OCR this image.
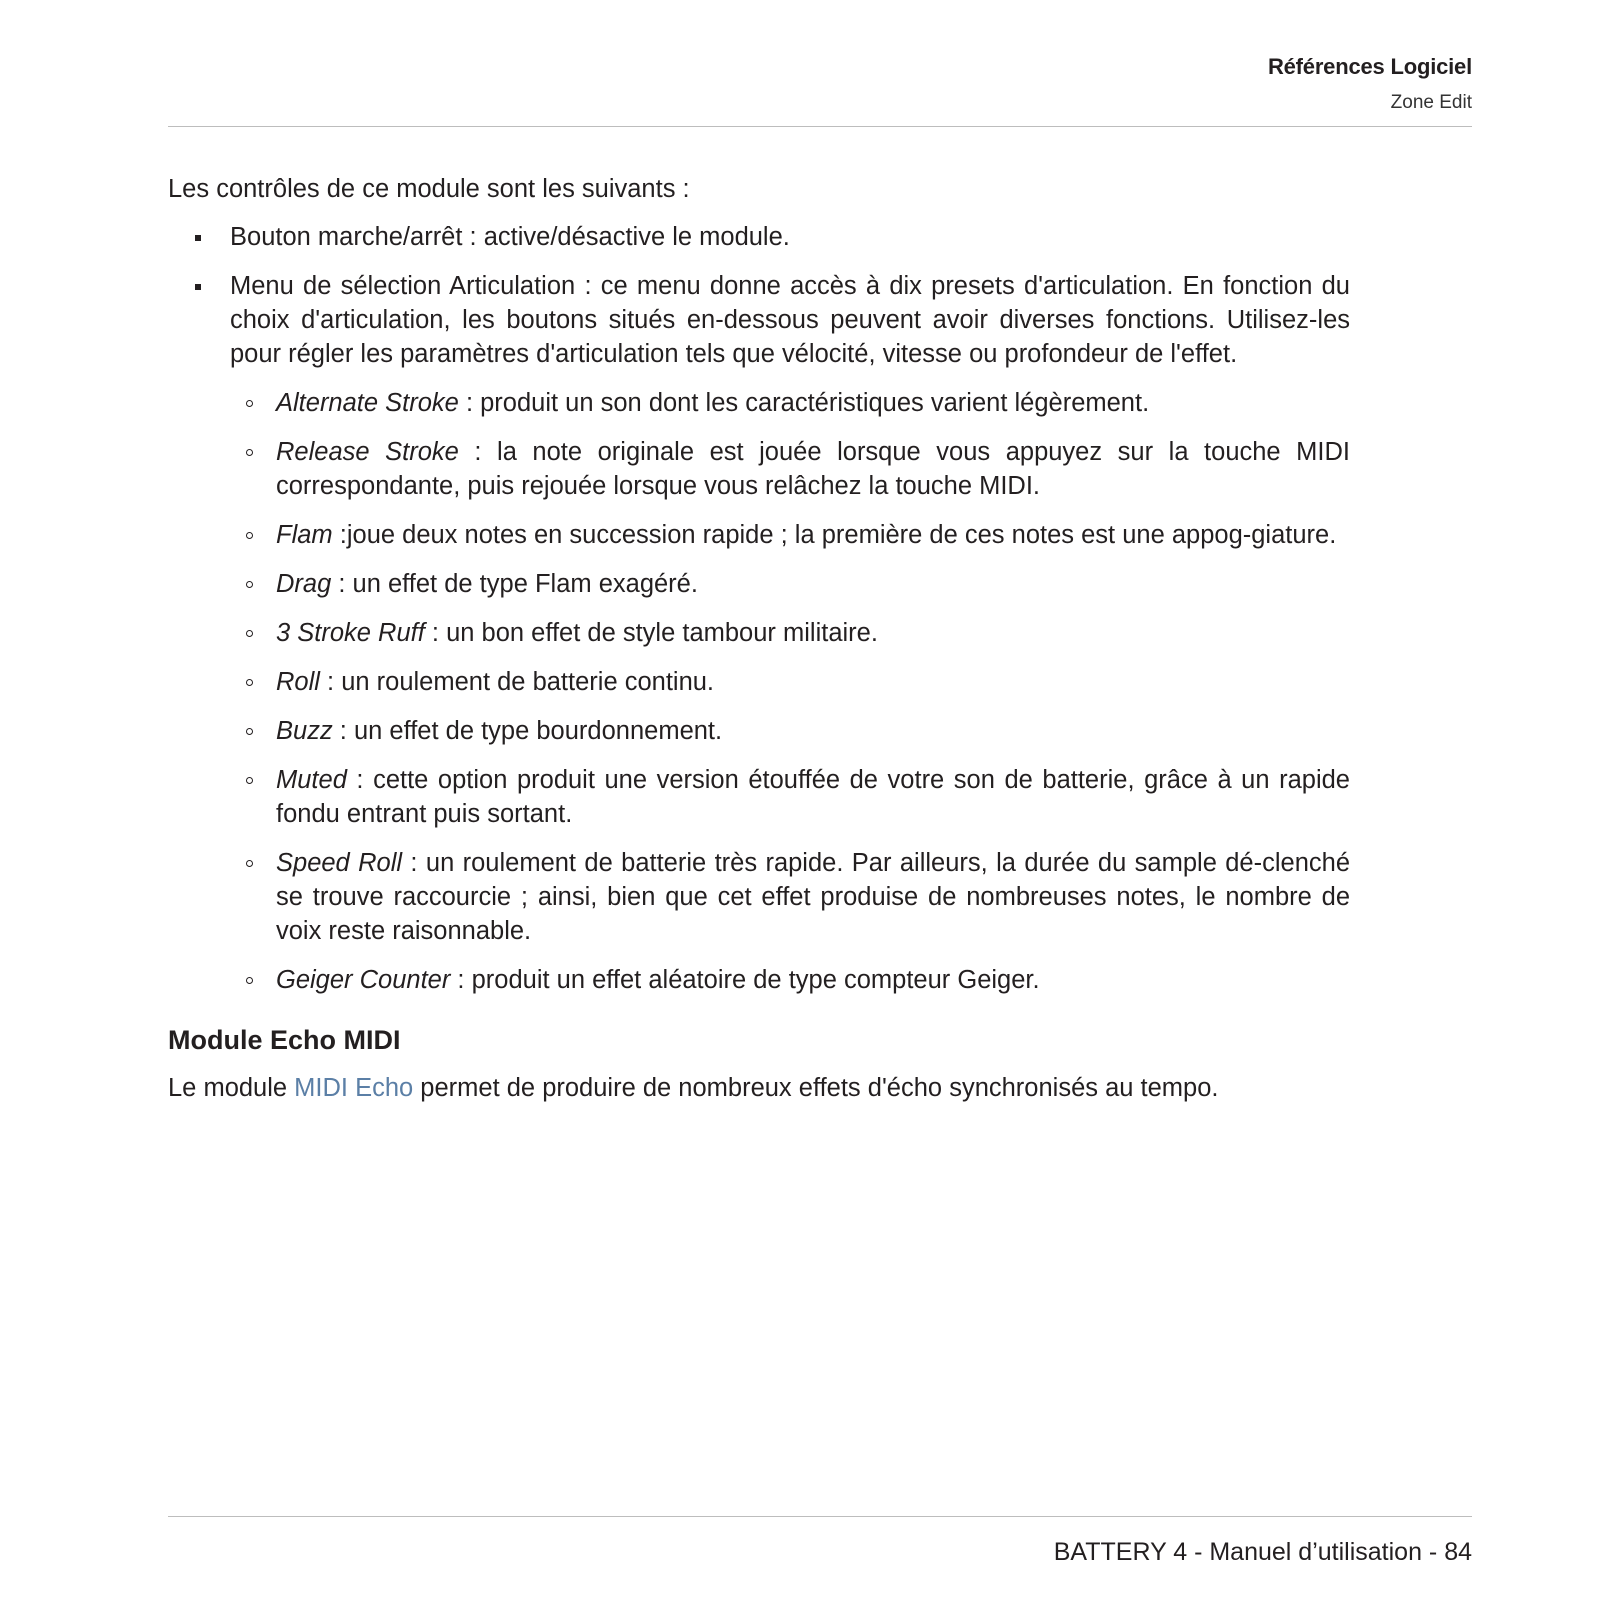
Références Logiciel
Zone Edit

Les contrôles de ce module sont les suivants :

Bouton marche/arrêt : active/désactive le module.
Menu de sélection Articulation : ce menu donne accès à dix presets d'articulation. En fonction du choix d'articulation, les boutons situés en-dessous peuvent avoir diverses fonctions. Utilisez-les pour régler les paramètres d'articulation tels que vélocité, vitesse ou profondeur de l'effet.
Alternate Stroke : produit un son dont les caractéristiques varient légèrement.
Release Stroke : la note originale est jouée lorsque vous appuyez sur la touche MIDI correspondante, puis rejouée lorsque vous relâchez la touche MIDI.
Flam :joue deux notes en succession rapide ; la première de ces notes est une appog-giature.
Drag : un effet de type Flam exagéré.
3 Stroke Ruff : un bon effet de style tambour militaire.
Roll : un roulement de batterie continu.
Buzz : un effet de type bourdonnement.
Muted : cette option produit une version étouffée de votre son de batterie, grâce à un rapide fondu entrant puis sortant.
Speed Roll : un roulement de batterie très rapide. Par ailleurs, la durée du sample dé-clenché se trouve raccourcie ; ainsi, bien que cet effet produise de nombreuses notes, le nombre de voix reste raisonnable.
Geiger Counter : produit un effet aléatoire de type compteur Geiger.
Module Echo MIDI

Le module MIDI Echo permet de produire de nombreux effets d'écho synchronisés au tempo.

BATTERY 4 - Manuel d’utilisation - 84
